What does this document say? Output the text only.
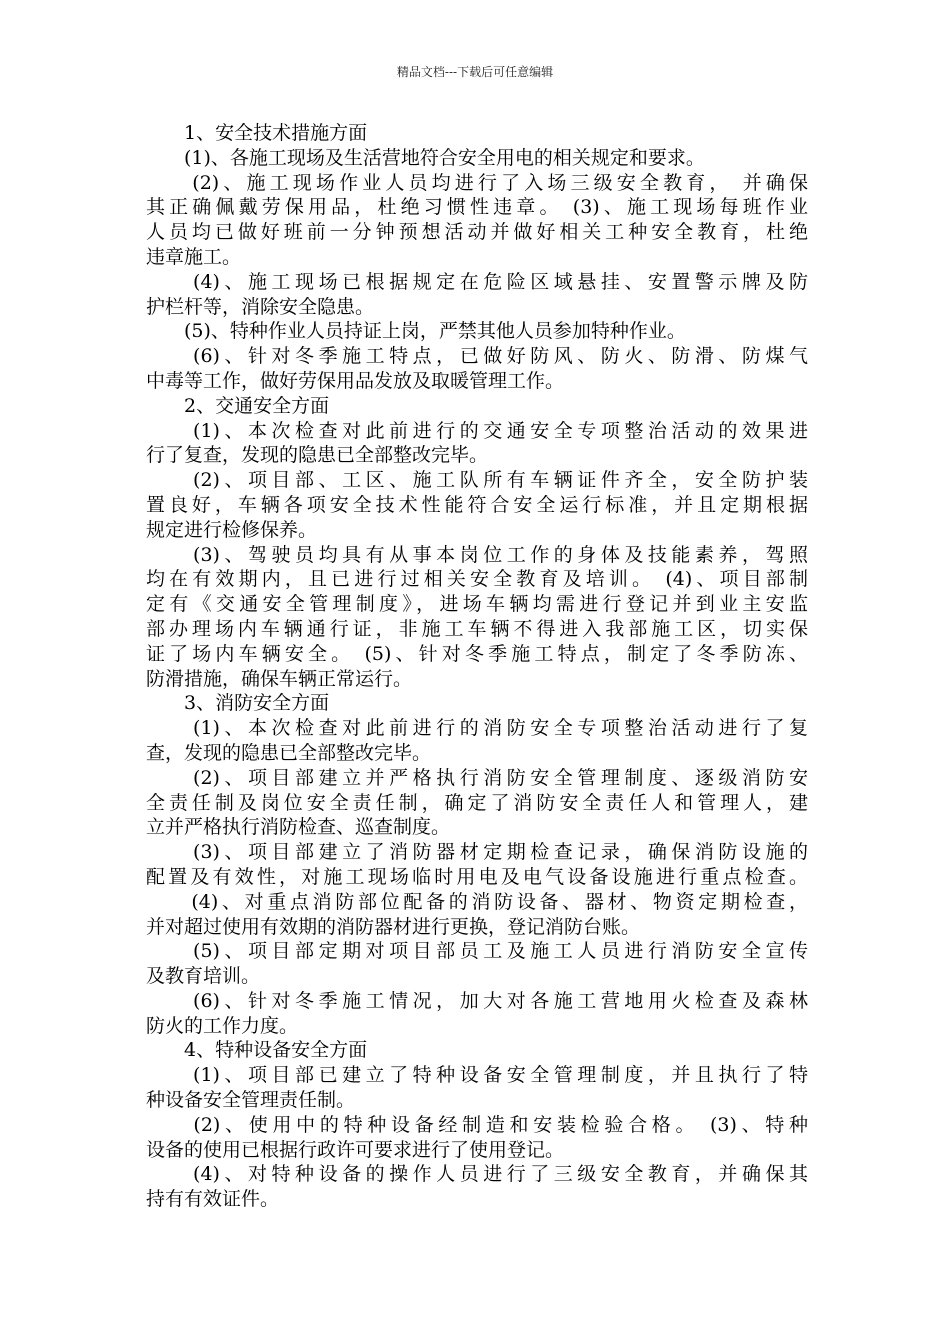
精品文档---下载后可任意编辑
　　1、安全技术措施方面
　　(1)、各施工现场及生活营地符合安全用电的相关规定和要求。
　　(2)、施工现场作业人员均进行了入场三级安全教育， 并确保
其正确佩戴劳保用品，杜绝习惯性违章。 (3)、施工现场每班作业
人员均已做好班前一分钟预想活动并做好相关工种安全教育，杜绝
违章施工。
　　(4)、施工现场已根据规定在危险区域悬挂、安置警示牌及防
护栏杆等，消除安全隐患。
　　(5)、特种作业人员持证上岗，严禁其他人员参加特种作业。
　　(6)、针对冬季施工特点，已做好防风、防火、防滑、防煤气
中毒等工作，做好劳保用品发放及取暖管理工作。
　　2、交通安全方面
　　(1)、本次检查对此前进行的交通安全专项整治活动的效果进
行了复查，发现的隐患已全部整改完毕。
　　(2)、项目部、工区、施工队所有车辆证件齐全，安全防护装
置良好，车辆各项安全技术性能符合安全运行标准，并且定期根据
规定进行检修保养。
　　(3)、驾驶员均具有从事本岗位工作的身体及技能素养，驾照
均在有效期内，且已进行过相关安全教育及培训。 (4)、项目部制
定有《交通安全管理制度》，进场车辆均需进行登记并到业主安监
部办理场内车辆通行证，非施工车辆不得进入我部施工区，切实保
证了场内车辆安全。 (5)、针对冬季施工特点，制定了冬季防冻、
防滑措施，确保车辆正常运行。
　　3、消防安全方面
　　(1)、本次检查对此前进行的消防安全专项整治活动进行了复
查，发现的隐患已全部整改完毕。
　　(2)、项目部建立并严格执行消防安全管理制度、逐级消防安
全责任制及岗位安全责任制，确定了消防安全责任人和管理人，建
立并严格执行消防检查、巡查制度。
　　(3)、项目部建立了消防器材定期检查记录，确保消防设施的
配置及有效性，对施工现场临时用电及电气设备设施进行重点检查。
　　(4)、对重点消防部位配备的消防设备、器材、物资定期检查，
并对超过使用有效期的消防器材进行更换，登记消防台账。
　　(5)、项目部定期对项目部员工及施工人员进行消防安全宣传
及教育培训。
　　(6)、针对冬季施工情况，加大对各施工营地用火检查及森林
防火的工作力度。
　　4、特种设备安全方面
　　(1)、项目部已建立了特种设备安全管理制度，并且执行了特
种设备安全管理责任制。
　　(2)、使用中的特种设备经制造和安装检验合格。 (3)、特种
设备的使用已根据行政许可要求进行了使用登记。
　　(4)、对特种设备的操作人员进行了三级安全教育，并确保其
持有有效证件。
